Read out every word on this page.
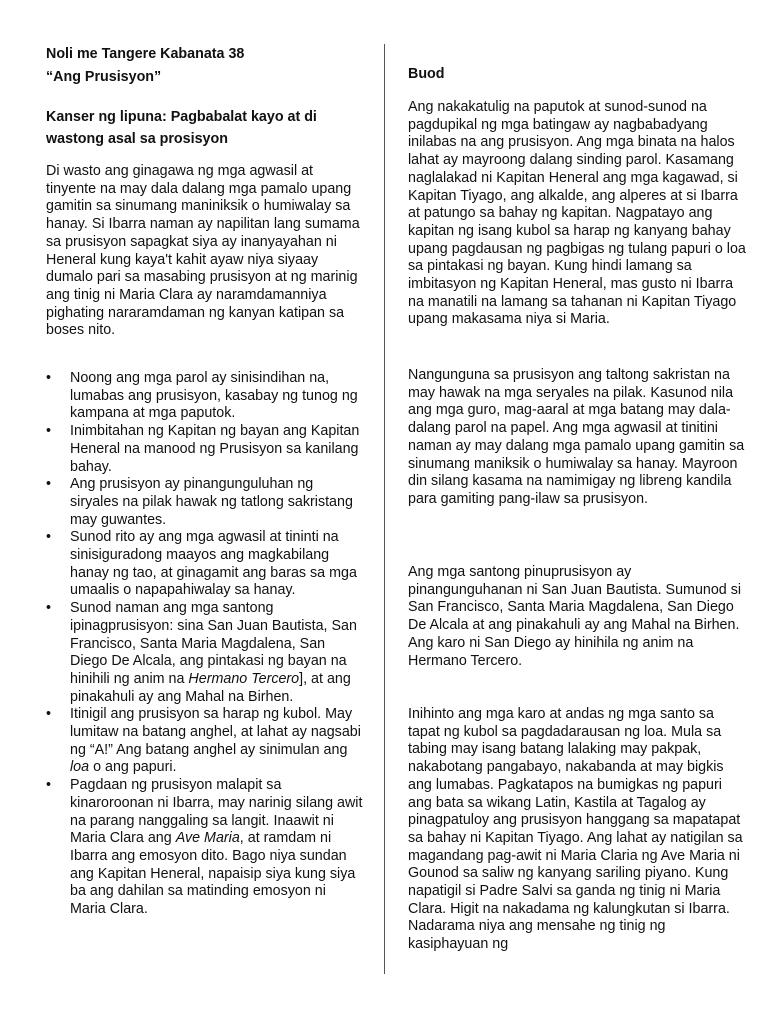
Noli me Tangere Kabanata 38

“Ang Prusisyon”

Kanser ng lipuna: Pagbabalat kayo at di wastong asal sa prosisyon

Di wasto ang ginagawa ng mga agwasil at tinyente na may dala dalang mga pamalo upang gamitin sa sinumang maniniksik o humiwalay sa hanay. Si Ibarra naman ay napilitan lang sumama sa prusisyon sapagkat siya ay inanyayahan ni Heneral kung kaya't kahit ayaw niya siyaay dumalo pari sa masabing prusisyon at ng marinig ang tinig ni Maria Clara ay naramdamanniya pighating nararamdaman ng kanyan katipan sa boses nito.

• Noong ang mga parol ay sinisindihan na, lumabas ang prusisyon, kasabay ng tunog ng kampana at mga paputok.
• Inimbitahan ng Kapitan ng bayan ang Kapitan Heneral na manood ng Prusisyon sa kanilang bahay.
• Ang prusisyon ay pinangunguluhan ng siryales na pilak hawak ng tatlong sakristang may guwantes.
• Sunod rito ay ang mga agwasil at tininti na sinisiguradong maayos ang magkabilang hanay ng tao, at ginagamit ang baras sa mga umaalis o napapahiwalay sa hanay.
• Sunod naman ang mga santong ipinagprusisyon: sina San Juan Bautista, San Francisco, Santa Maria Magdalena, San Diego De Alcala, ang pintakasi ng bayan na hinihili ng anim na Hermano Tercero], at ang pinakahuli ay ang Mahal na Birhen.
• Itinigil ang prusisyon sa harap ng kubol. May lumitaw na batang anghel, at lahat ay nagsabi ng “A!” Ang batang anghel ay sinimulan ang loa o ang papuri.
• Pagdaan ng prusisyon malapit sa kinaroroonan ni Ibarra, may narinig silang awit na parang nanggaling sa langit. Inaawit ni Maria Clara ang Ave Maria, at ramdam ni Ibarra ang emosyon dito. Bago niya sundan ang Kapitan Heneral, napaisip siya kung siya ba ang dahilan sa matinding emosyon ni Maria Clara.

Buod

Ang nakakatulig na paputok at sunod-sunod na pagdupikal ng mga batingaw ay nagbabadyang inilabas na ang prusisyon. Ang mga binata na halos lahat ay mayroong dalang sinding parol. Kasamang naglalakad ni Kapitan Heneral ang mga kagawad, si Kapitan Tiyago, ang alkalde, ang alperes at si Ibarra at patungo sa bahay ng kapitan. Nagpatayo ang kapitan ng isang kubol sa harap ng kanyang bahay upang pagdausan ng pagbigas ng tulang papuri o loa sa pintakasi ng bayan. Kung hindi lamang sa imbitasyon ng Kapitan Heneral, mas gusto ni Ibarra na manatili na lamang sa tahanan ni Kapitan Tiyago upang makasama niya si Maria.

Nangunguna sa prusisyon ang taltong sakristan na may hawak na mga seryales na pilak. Kasunod nila ang mga guro, mag-aaral at mga batang may dala-dalang parol na papel. Ang mga agwasil at tinitini naman ay may dalang mga pamalo upang gamitin sa sinumang maniksik o humiwalay sa hanay. Mayroon din silang kasama na namimigay ng libreng kandila para gamiting pang-ilaw sa prusisyon.

Ang mga santong pinuprusisyon ay pinangunguhanan ni San Juan Bautista. Sumunod si San Francisco, Santa Maria Magdalena, San Diego De Alcala at ang pinakahuli ay ang Mahal na Birhen. Ang karo ni San Diego ay hinihila ng anim na Hermano Tercero.

Inihinto ang mga karo at andas ng mga santo sa tapat ng kubol sa pagdadarausan ng loa. Mula sa tabing may isang batang lalaking may pakpak, nakabotang pangabayo, nakabanda at may bigkis ang lumabas. Pagkatapos na bumigkas ng papuri ang bata sa wikang Latin, Kastila at Tagalog ay pinagpatuloy ang prusisyon hanggang sa mapatapat sa bahay ni Kapitan Tiyago. Ang lahat ay natigilan sa magandang pag-awit ni Maria Claria ng Ave Maria ni Gounod sa saliw ng kanyang sariling piyano. Kung napatigil si Padre Salvi sa ganda ng tinig ni Maria Clara. Higit na nakadama ng kalungkutan si Ibarra. Nadarama niya ang mensahe ng tinig ng kasiphayuan ng
